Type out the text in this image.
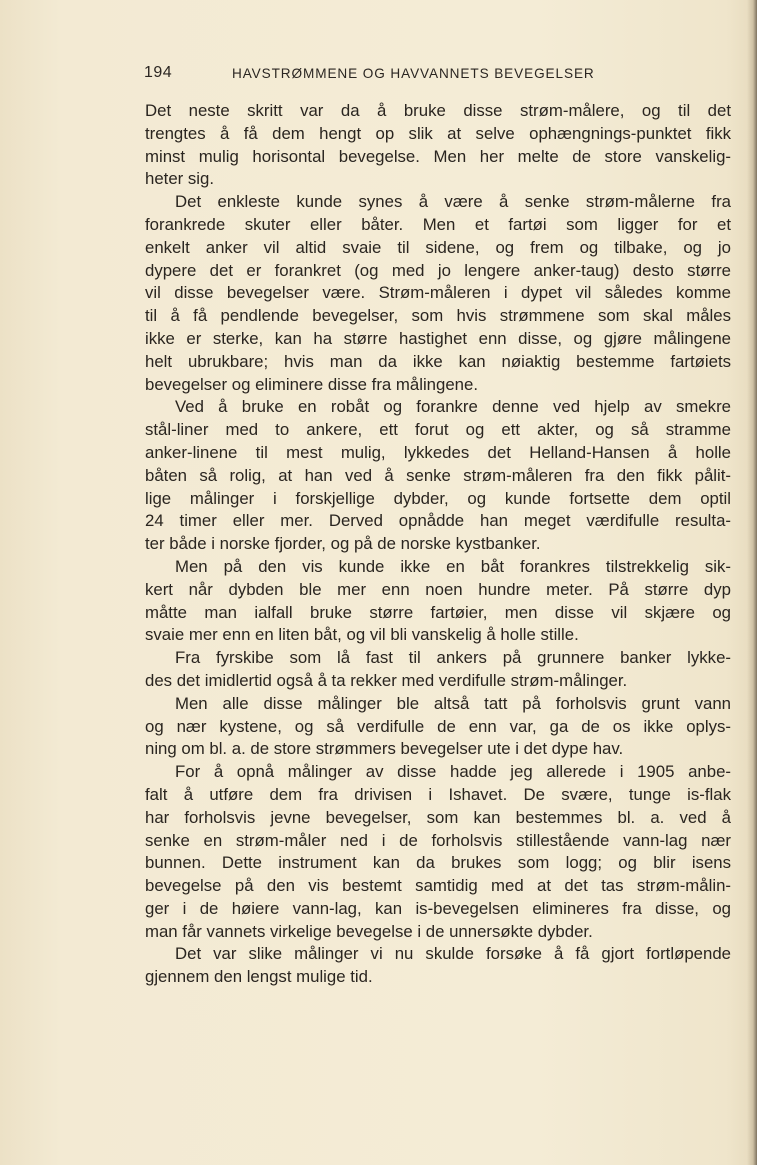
194	HAVSTRØMMENE OG HAVVANNETS BEVEGELSER
Det neste skritt var da å bruke disse strøm-målere, og til det
trengtes å få dem hengt op slik at selve ophængnings-punktet fikk
minst mulig horisontal bevegelse. Men her melte de store vanskelig-
heter sig.
Det enkleste kunde synes å være å senke strøm-målerne fra
forankrede skuter eller båter. Men et fartøi som ligger for et
enkelt anker vil altid svaie til sidene, og frem og tilbake, og jo
dypere det er forankret (og med jo lengere anker-taug) desto større
vil disse bevegelser være. Strøm-måleren i dypet vil således komme
til å få pendlende bevegelser, som hvis strømmene som skal måles
ikke er sterke, kan ha større hastighet enn disse, og gjøre målingene
helt ubrukbare; hvis man da ikke kan nøiaktig bestemme fartøiets
bevegelser og eliminere disse fra målingene.
Ved å bruke en robåt og forankre denne ved hjelp av smekre
stål-liner med to ankere, ett forut og ett akter, og så stramme
anker-linene til mest mulig, lykkedes det Helland-Hansen å holle
båten så rolig, at han ved å senke strøm-måleren fra den fikk pålit-
lige målinger i forskjellige dybder, og kunde fortsette dem optil
24 timer eller mer. Derved opnådde han meget værdifulle resulta-
ter både i norske fjorder, og på de norske kystbanker.
Men på den vis kunde ikke en båt forankres tilstrekkelig sik-
kert når dybden ble mer enn noen hundre meter. På større dyp
måtte man ialfall bruke større fartøier, men disse vil skjære og
svaie mer enn en liten båt, og vil bli vanskelig å holle stille.
Fra fyrskibe som lå fast til ankers på grunnere banker lykke-
des det imidlertid også å ta rekker med verdifulle strøm-målinger.
Men alle disse målinger ble altså tatt på forholsvis grunt vann
og nær kystene, og så verdifulle de enn var, ga de os ikke oplys-
ning om bl. a. de store strømmers bevegelser ute i det dype hav.
For å opnå målinger av disse hadde jeg allerede i 1905 anbe-
falt å utføre dem fra drivisen i Ishavet. De svære, tunge is-flak
har forholsvis jevne bevegelser, som kan bestemmes bl. a. ved å
senke en strøm-måler ned i de forholsvis stillestående vann-lag nær
bunnen. Dette instrument kan da brukes som logg; og blir isens
bevegelse på den vis bestemt samtidig med at det tas strøm-målin-
ger i de høiere vann-lag, kan is-bevegelsen elimineres fra disse, og
man får vannets virkelige bevegelse i de unnersøkte dybder.
Det var slike målinger vi nu skulde forsøke å få gjort fortløpende
gjennem den lengst mulige tid.
